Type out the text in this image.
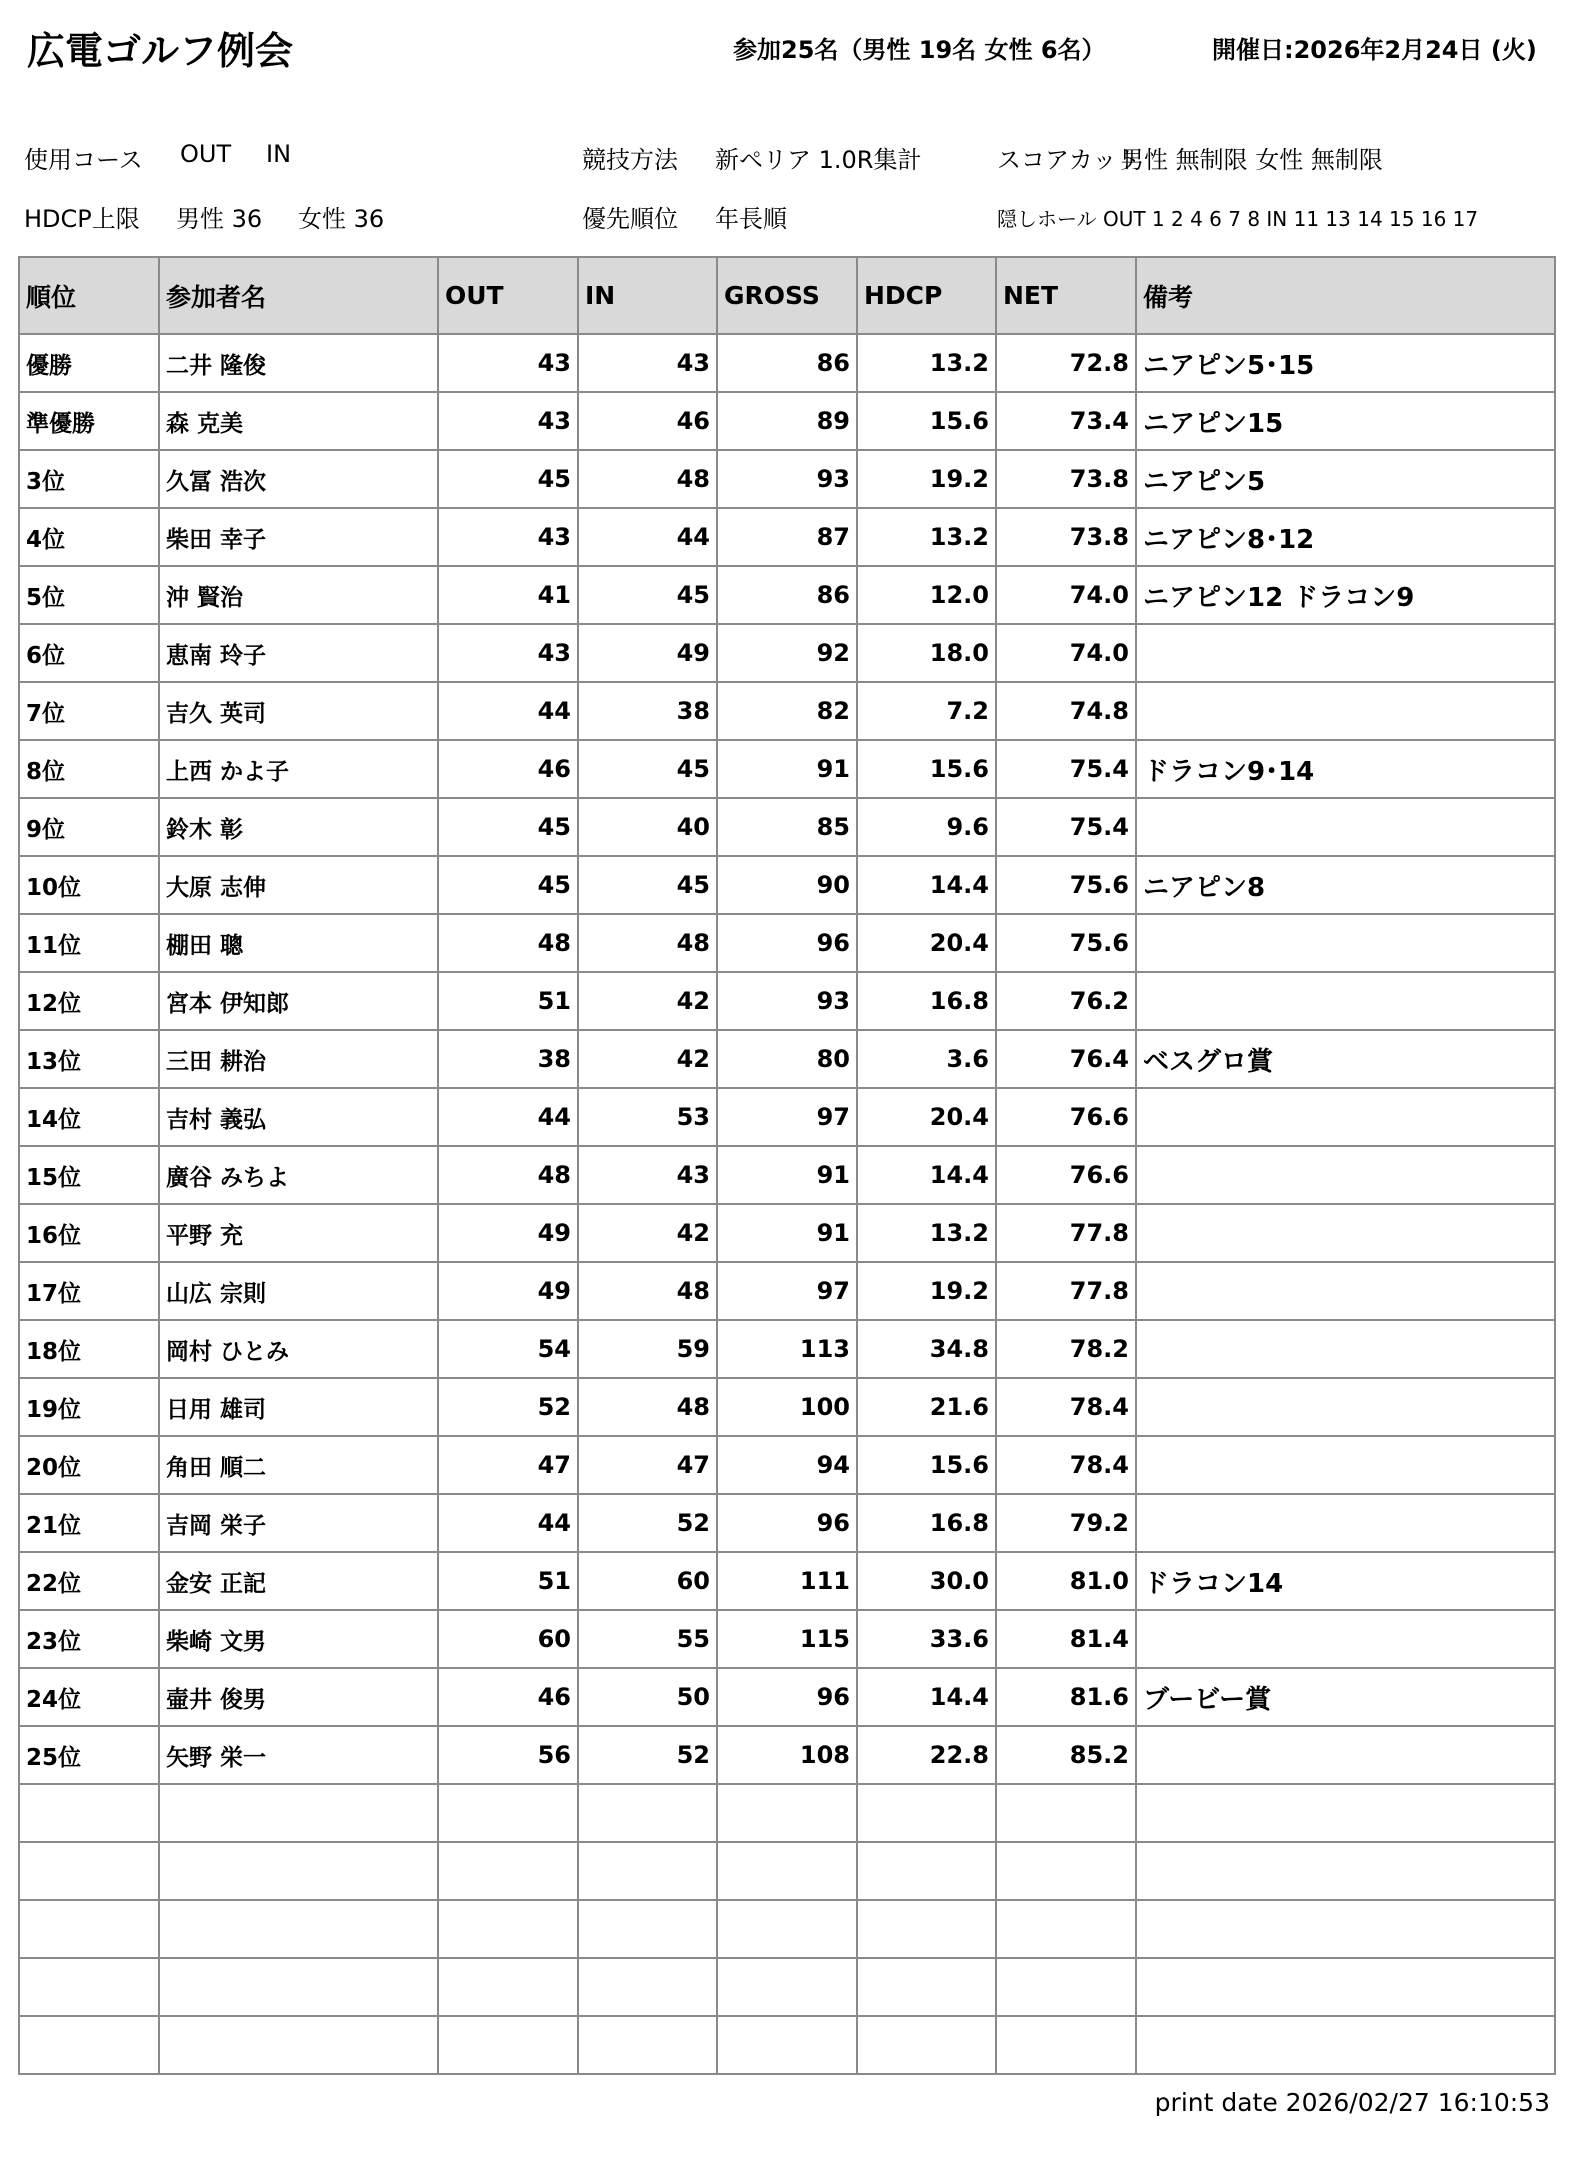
広電ゴルフ例会	参加25名（男性 19名 女性 6名）	開催日:2026年2月24日 (火)
使用コース OUT IN	競技方法 新ペリア 1.0R集計	スコアカット
男性 無制限 女性 無制限
HDCP上限 男性 36 女性 36	優先順位 年長順	隠しホール OUT 1 2 4 6 7 8 IN 11 13 14 15 16 17
順位	参加者名	OUT	IN	GROSS	HDCP	NET	備考
優勝	二井 隆俊	43	43	86	13.2	72.8	ニアピン5･15
準優勝	森 克美	43	46	89	15.6	73.4	ニアピン15
3位	久冨 浩次	45	48	93	19.2	73.8	ニアピン5
4位	柴田 幸子	43	44	87	13.2	73.8	ニアピン8･12
5位	沖 賢治	41	45	86	12.0	74.0	ニアピン12 ドラコン9
6位	恵南 玲子	43	49	92	18.0	74.0	
7位	吉久 英司	44	38	82	7.2	74.8	
8位	上西 かよ子	46	45	91	15.6	75.4	ドラコン9･14
9位	鈴木 彰	45	40	85	9.6	75.4	
10位	大原 志伸	45	45	90	14.4	75.6	ニアピン8
11位	棚田 聰	48	48	96	20.4	75.6	
12位	宮本 伊知郎	51	42	93	16.8	76.2	
13位	三田 耕治	38	42	80	3.6	76.4	ベスグロ賞
14位	吉村 義弘	44	53	97	20.4	76.6	
15位	廣谷 みちよ	48	43	91	14.4	76.6	
16位	平野 充	49	42	91	13.2	77.8	
17位	山広 宗則	49	48	97	19.2	77.8	
18位	岡村 ひとみ	54	59	113	34.8	78.2	
19位	日用 雄司	52	48	100	21.6	78.4	
20位	角田 順二	47	47	94	15.6	78.4	
21位	吉岡 栄子	44	52	96	16.8	79.2	
22位	金安 正記	51	60	111	30.0	81.0	ドラコン14
23位	柴崎 文男	60	55	115	33.6	81.4	
24位	壷井 俊男	46	50	96	14.4	81.6	ブービー賞
25位	矢野 栄一	56	52	108	22.8	85.2	

print date 2026/02/27 16:10:53
